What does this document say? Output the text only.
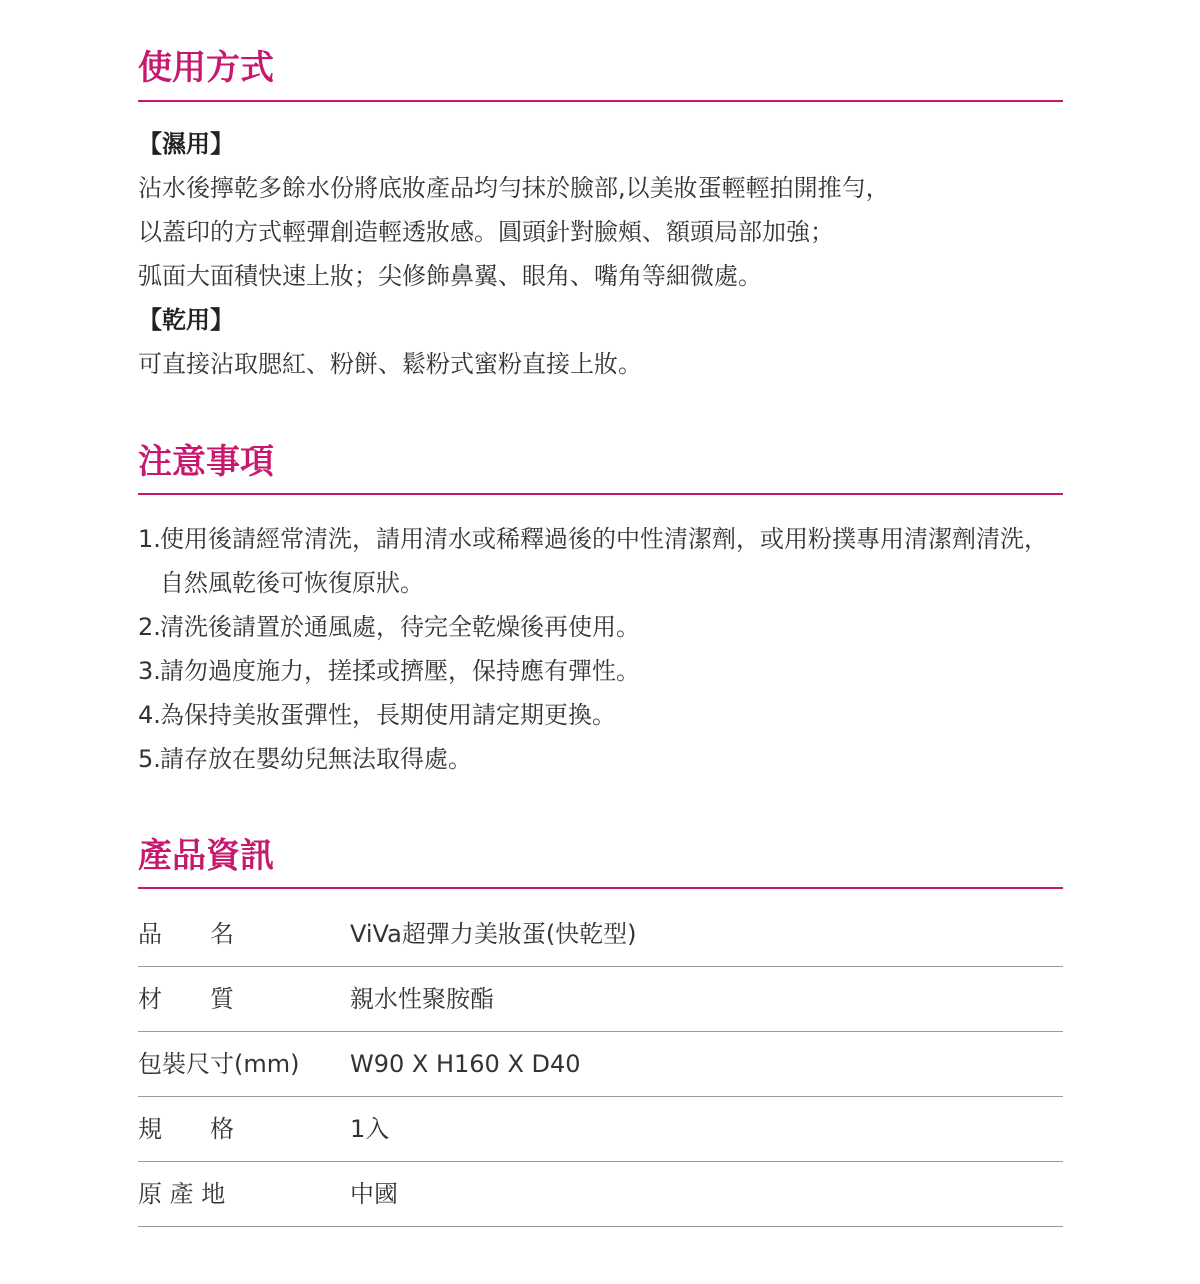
使用方式
【濕用】
沾水後擰乾多餘水份將底妝產品均勻抹於臉部,以美妝蛋輕輕拍開推勻，
以蓋印的方式輕彈創造輕透妝感。圓頭針對臉頰、額頭局部加強；
弧面大面積快速上妝；尖修飾鼻翼、眼角、嘴角等細微處。
【乾用】
可直接沾取腮紅、粉餅、鬆粉式蜜粉直接上妝。
注意事項
1. 使用後請經常清洗，請用清水或稀釋過後的中性清潔劑，或用粉撲專用清潔劑清洗，自然風乾後可恢復原狀。
2. 清洗後請置於通風處，待完全乾燥後再使用。
3. 請勿過度施力，搓揉或擠壓，保持應有彈性。
4. 為保持美妝蛋彈性，長期使用請定期更換。
5. 請存放在嬰幼兒無法取得處。
產品資訊
品　　名	ViVa超彈力美妝蛋(快乾型)
材　　質	親水性聚胺酯
包裝尺寸(mm) W90 X H160 X D40
規　　格	1入
原 產 地	中國
